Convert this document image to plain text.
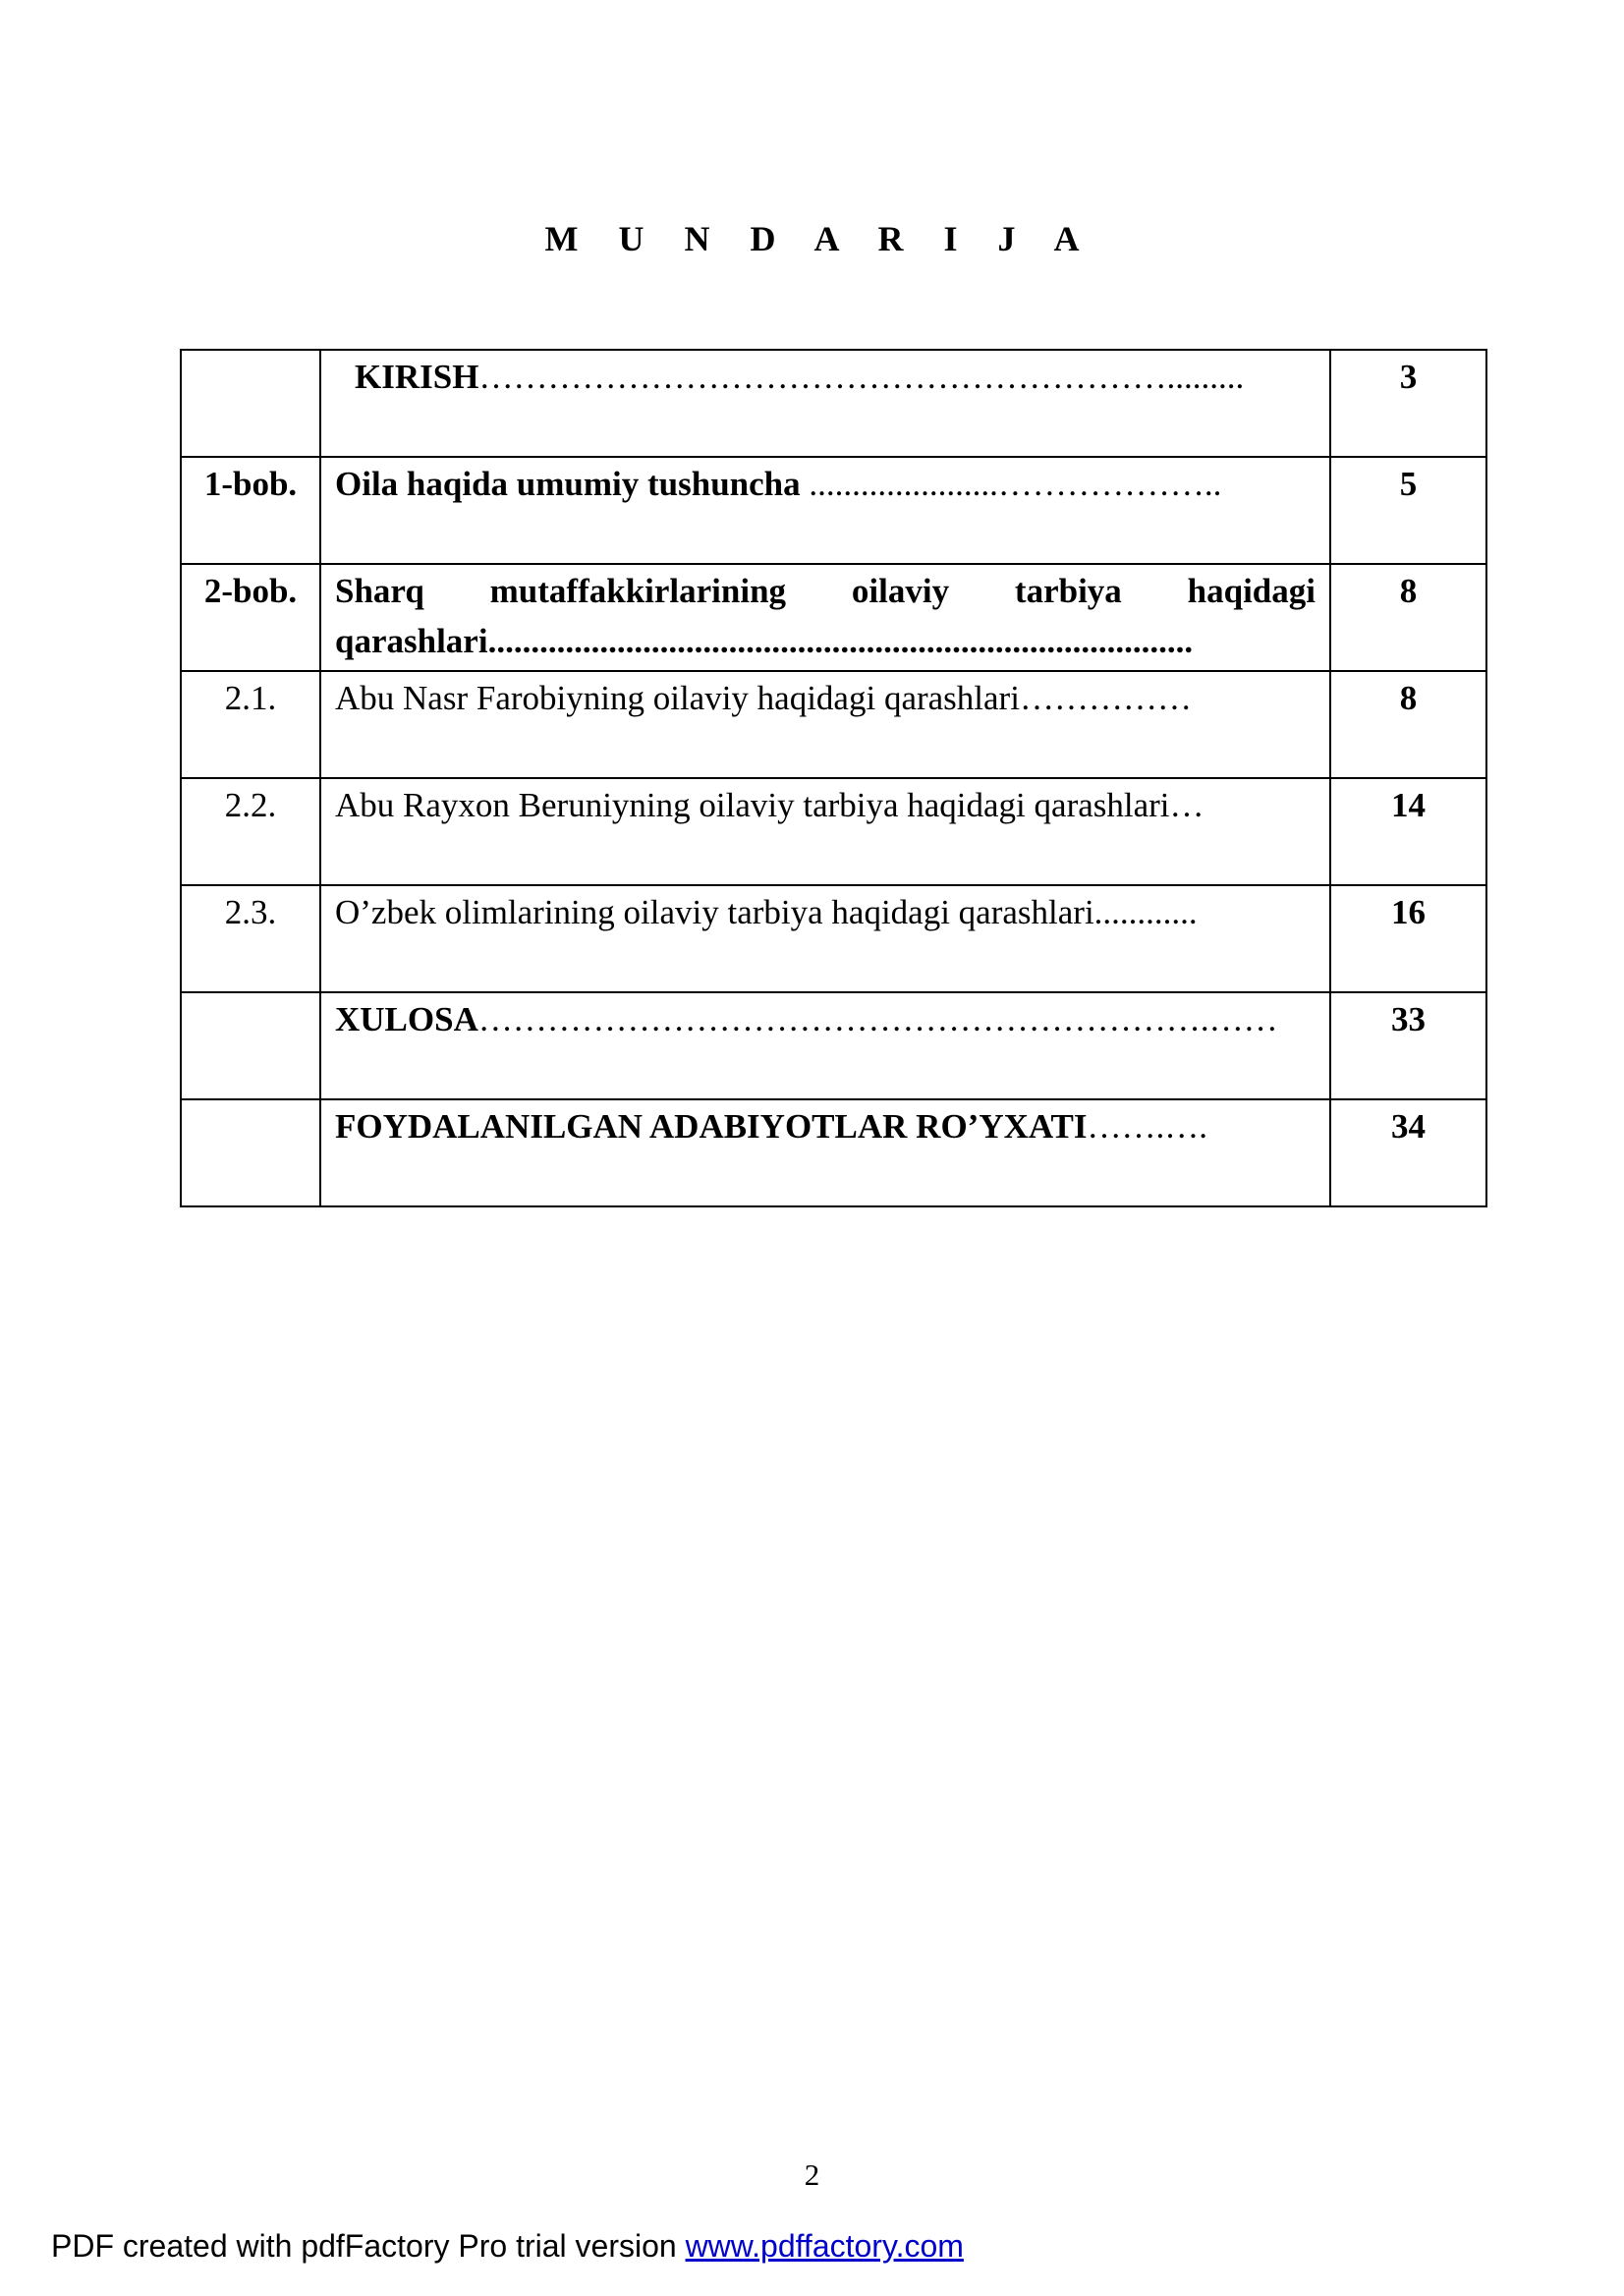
M U N D A R I J A
	KIRISH…………………………………………………….........	3
1-bob.	Oila haqida umumiy tushuncha ......................………………..	5
2-bob.	Sharq mutaffakkirlarining oilaviy tarbiya haqidagi qarashlari..................................................................................	8
2.1.	Abu Nasr Farobiyning oilaviy haqidagi qarashlari……………	8
2.2.	Abu Rayxon Beruniyning oilaviy tarbiya haqidagi qarashlari…	14
2.3.	O’zbek olimlarining oilaviy tarbiya haqidagi qarashlari............	16
	XULOSA……………………………………………………….……	33
	FOYDALANILGAN ADABIYOTLAR RO’YXATI…….….	34
2
PDF created with pdfFactory Pro trial version www.pdffactory.com
